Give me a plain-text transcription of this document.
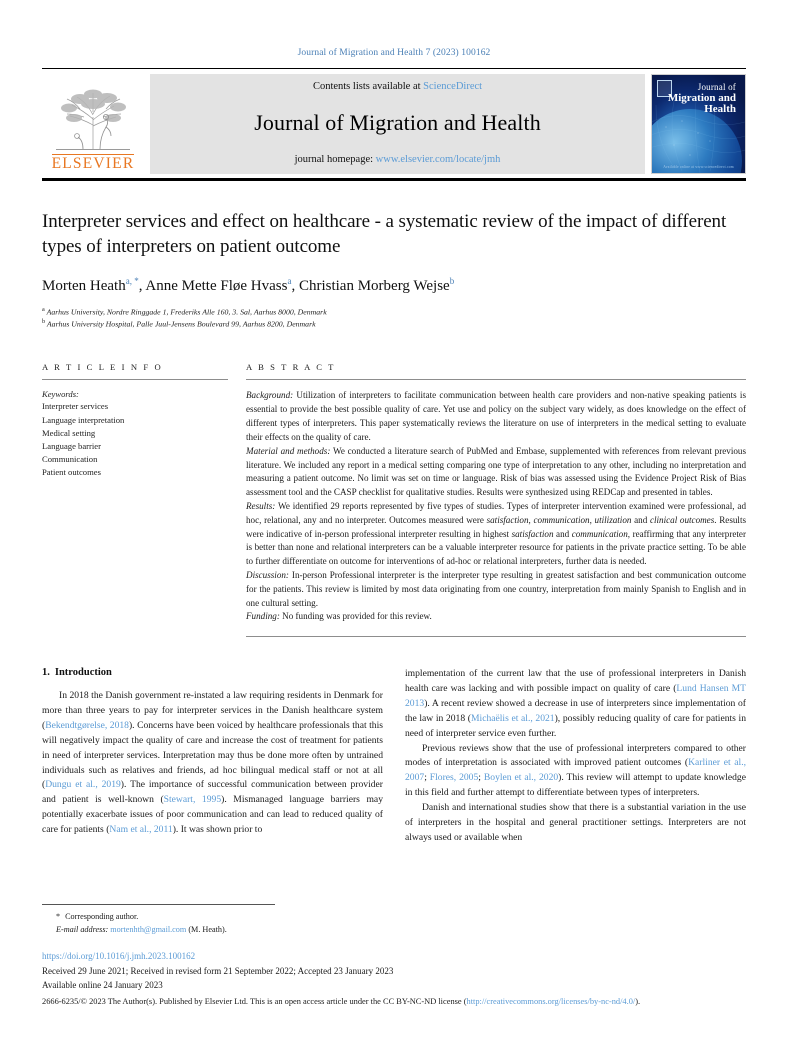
Journal of Migration and Health 7 (2023) 100162
ELSEVIER
Contents lists available at ScienceDirect
Journal of Migration and Health
journal homepage: www.elsevier.com/locate/jmh
Journal of
Migration and
Health
Available online at www.sciencedirect.com
Interpreter services and effect on healthcare - a systematic review of the impact of different types of interpreters on patient outcome
Morten Heath$^{a, *}$, Anne Mette Fløe Hvass$^a$, Christian Morberg Wejse$^b$
$^a$ Aarhus University, Nordre Ringgade 1, Frederiks Alle 160, 3. Sal, Aarhus 8000, Denmark
$^b$ Aarhus University Hospital, Palle Juul-Jensens Boulevard 99, Aarhus 8200, Denmark
A R T I C L E I N F O
Keywords:
Interpreter services
Language interpretation
Medical setting
Language barrier
Communication
Patient outcomes
A B S T R A C T

Background: Utilization of interpreters to facilitate communication between health care providers and non-native speaking patients is essential to provide the best possible quality of care. Yet use and policy on the subject vary widely, as does knowledge on the effect of different types of interpreters. This paper systematically reviews the literature on use of interpreters in the medical setting to evaluate their effects on the quality of care.

Material and methods: We conducted a literature search of PubMed and Embase, supplemented with references from relevant previous literature. We included any report in a medical setting comparing one type of interpretation to any other, including no interpretation and measuring a patient outcome. No limit was set on time or language. Risk of bias was assessed using the Evidence Project Risk of Bias assessment tool and the CASP checklist for qualitative studies. Results were synthesized using REDCap and presented in tables.

Results: We identified 29 reports represented by five types of studies. Types of interpreter intervention examined were professional, ad hoc, relational, any and no interpreter. Outcomes measured were satisfaction, communication, utilization and clinical outcomes. Results were indicative of in-person professional interpreter resulting in highest satisfaction and communication, reaffirming that any interpreter is better than none and relational interpreters can be a valuable interpreter resource for patients in the private practice setting. To be able to further differentiate on outcome for interventions of ad-hoc or relational interpreters, further data is needed.

Discussion: In-person Professional interpreter is the interpreter type resulting in greatest satisfaction and best communication outcome for the patients. This review is limited by most data originating from one country, interpretation from mainly Spanish to English and in one cultural setting.

Funding: No funding was provided for this review.

1. Introduction

In 2018 the Danish government re-instated a law requiring residents in Denmark for more than three years to pay for interpreter services in the Danish healthcare system (Bekendtgørelse, 2018). Concerns have been voiced by healthcare professionals that this will negatively impact the quality of care and increase the cost of treatment for patients in need of interpreter services. Interpretation may thus be done more often by untrained individuals such as relatives and friends, ad hoc bilingual medical staff or not at all (Dungu et al., 2019). The importance of successful communication between provider and patient is well-known (Stewart, 1995). Mismanaged language barriers may potentially exacerbate issues of poor communication and can lead to reduced quality of care for patients (Nam et al., 2011). It was shown prior to

implementation of the current law that the use of professional interpreters in Danish health care was lacking and with possible impact on quality of care (Lund Hansen MT 2013). A recent review showed a decrease in use of interpreters since implementation of the law in 2018 (Michaëlis et al., 2021), possibly reducing quality of care for patients in need of interpreter service even further.

Previous reviews show that the use of professional interpreters compared to other modes of interpretation is associated with improved patient outcomes (Karliner et al., 2007; Flores, 2005; Boylen et al., 2020). This review will attempt to update knowledge in this field and further attempt to differentiate between types of interpreters.

Danish and international studies show that there is a substantial variation in the use of interpreters in the hospital and general practitioner settings. Interpreters are not always used or available when

* Corresponding author.
E-mail address: mortenhth@gmail.com (M. Heath).
https://doi.org/10.1016/j.jmh.2023.100162
Received 29 June 2021; Received in revised form 21 September 2022; Accepted 23 January 2023
Available online 24 January 2023
2666-6235/© 2023 The Author(s). Published by Elsevier Ltd. This is an open access article under the CC BY-NC-ND license (http://creativecommons.org/licenses/by-nc-nd/4.0/).
